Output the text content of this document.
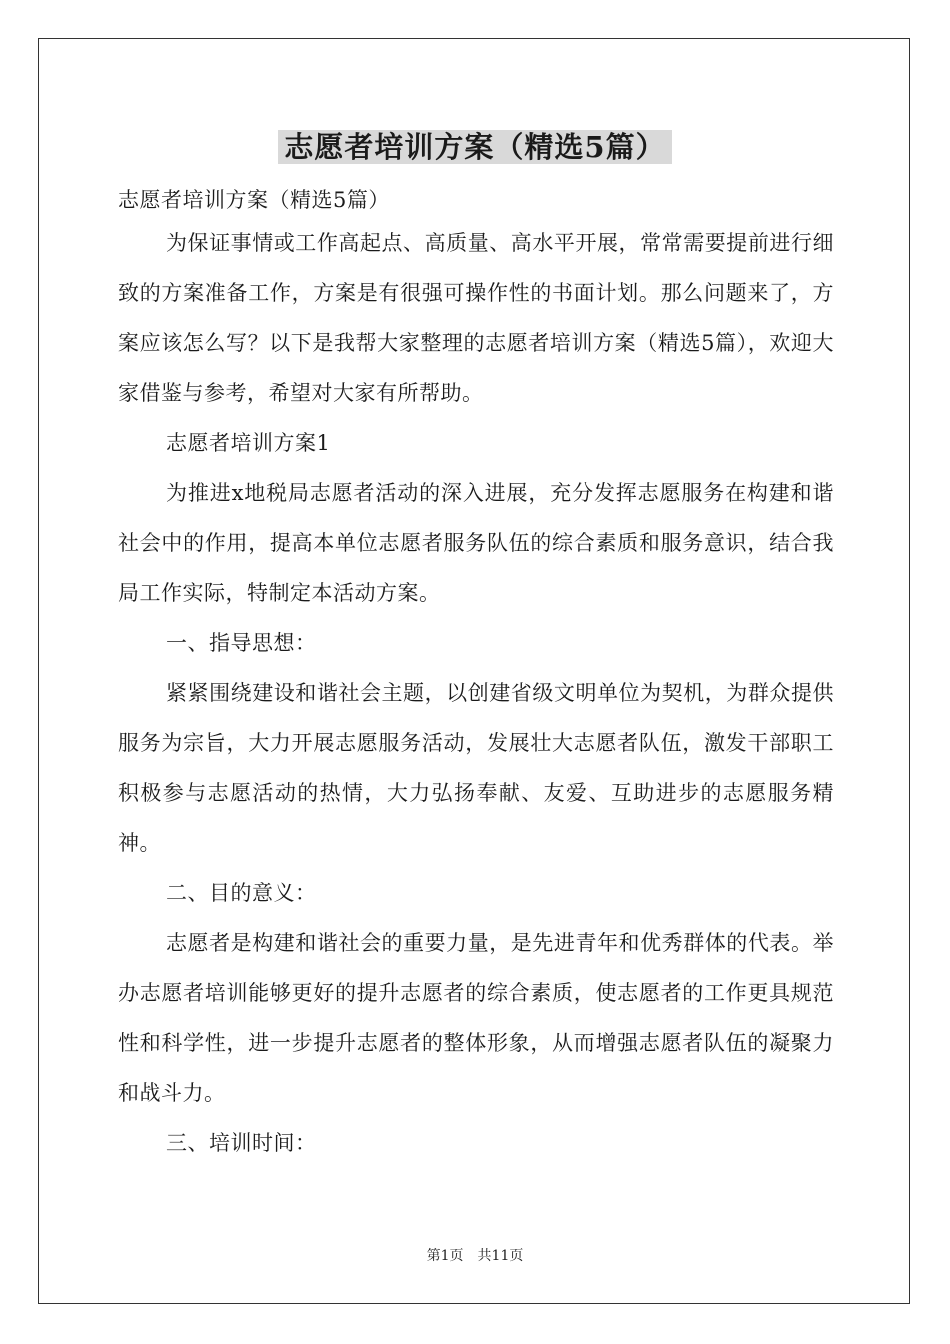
志愿者培训方案（精选5篇）

志愿者培训方案（精选5篇）

为保证事情或工作高起点、高质量、高水平开展，常常需要提前进行细致的方案准备工作，方案是有很强可操作性的书面计划。那么问题来了，方案应该怎么写？以下是我帮大家整理的志愿者培训方案（精选5篇），欢迎大家借鉴与参考，希望对大家有所帮助。

志愿者培训方案1

为推进x地税局志愿者活动的深入进展，充分发挥志愿服务在构建和谐社会中的作用，提高本单位志愿者服务队伍的综合素质和服务意识，结合我局工作实际，特制定本活动方案。

一、指导思想：

紧紧围绕建设和谐社会主题，以创建省级文明单位为契机，为群众提供服务为宗旨，大力开展志愿服务活动，发展壮大志愿者队伍，激发干部职工积极参与志愿活动的热情，大力弘扬奉献、友爱、互助进步的志愿服务精神。

二、目的意义：

志愿者是构建和谐社会的重要力量，是先进青年和优秀群体的代表。举办志愿者培训能够更好的提升志愿者的综合素质，使志愿者的工作更具规范性和科学性，进一步提升志愿者的整体形象，从而增强志愿者队伍的凝聚力和战斗力。

三、培训时间：

第1页 共11页
